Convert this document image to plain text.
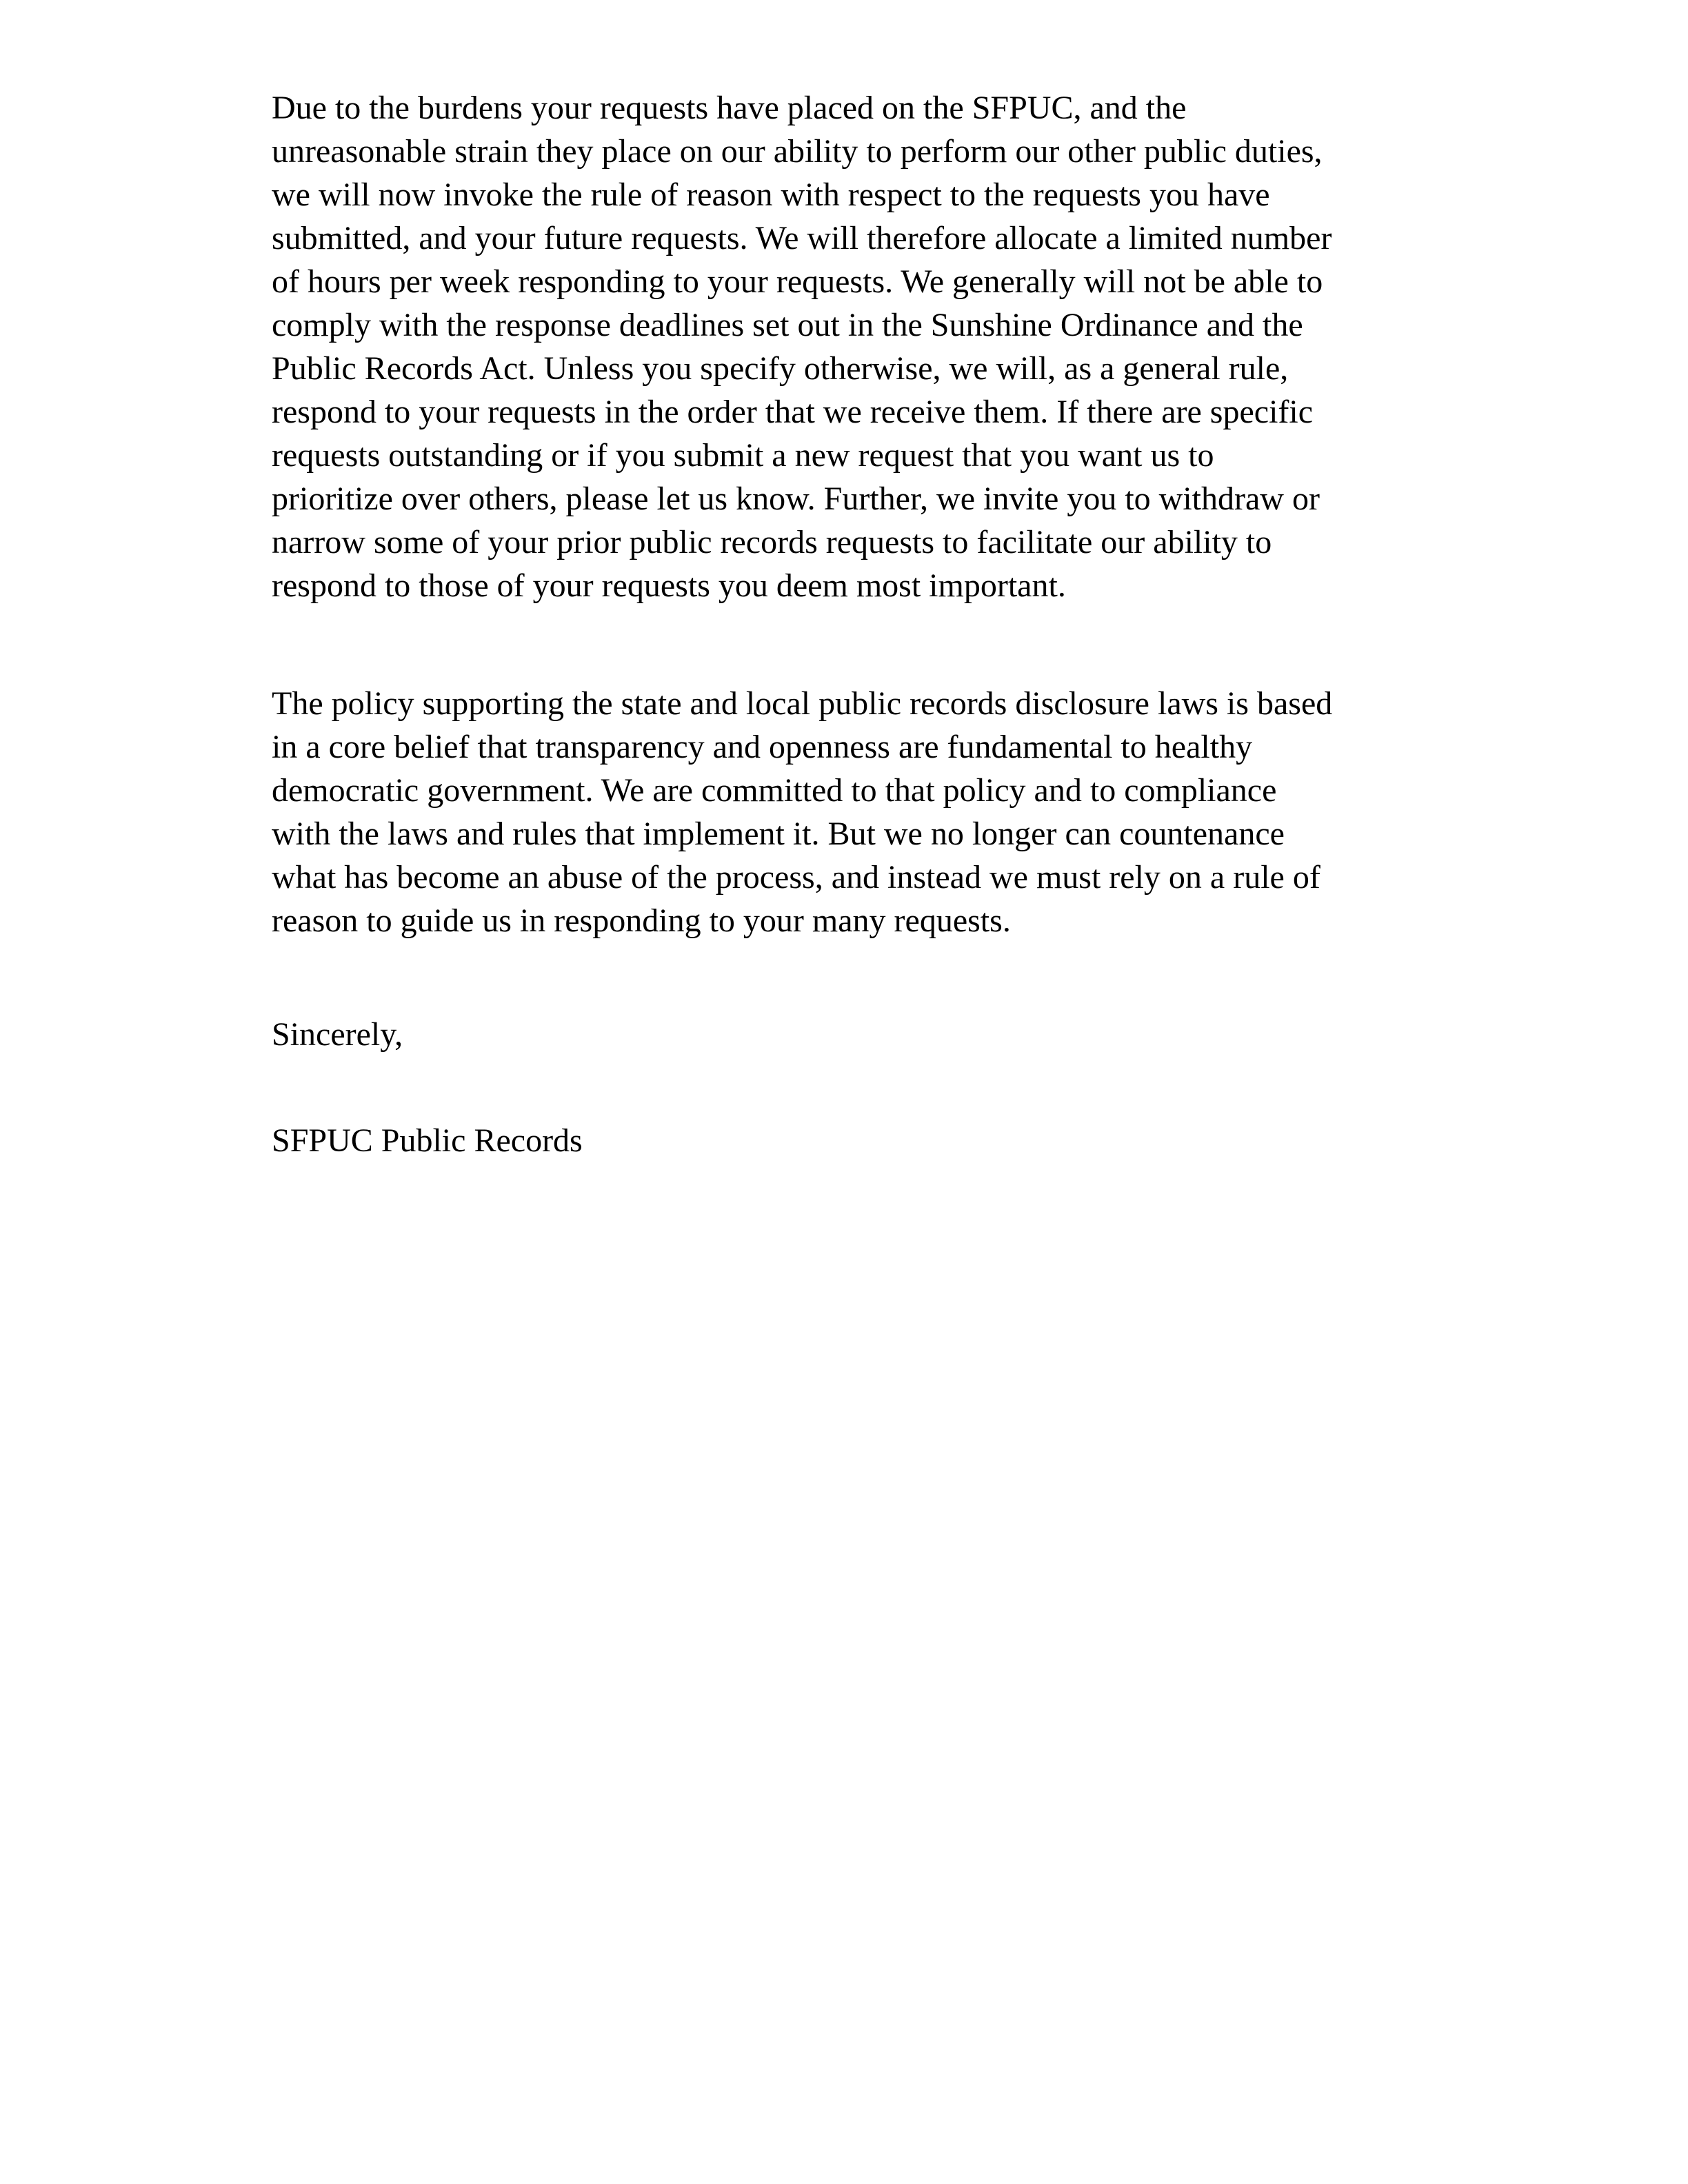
Due to the burdens your requests have placed on the SFPUC, and the
unreasonable strain they place on our ability to perform our other public duties,
we will now invoke the rule of reason with respect to the requests you have
submitted, and your future requests. We will therefore allocate a limited number
of hours per week responding to your requests. We generally will not be able to
comply with the response deadlines set out in the Sunshine Ordinance and the
Public Records Act. Unless you specify otherwise, we will, as a general rule,
respond to your requests in the order that we receive them. If there are specific
requests outstanding or if you submit a new request that you want us to
prioritize over others, please let us know. Further, we invite you to withdraw or
narrow some of your prior public records requests to facilitate our ability to
respond to those of your requests you deem most important.
The policy supporting the state and local public records disclosure laws is based
in a core belief that transparency and openness are fundamental to healthy
democratic government. We are committed to that policy and to compliance
with the laws and rules that implement it. But we no longer can countenance
what has become an abuse of the process, and instead we must rely on a rule of
reason to guide us in responding to your many requests.
Sincerely,
SFPUC Public Records
